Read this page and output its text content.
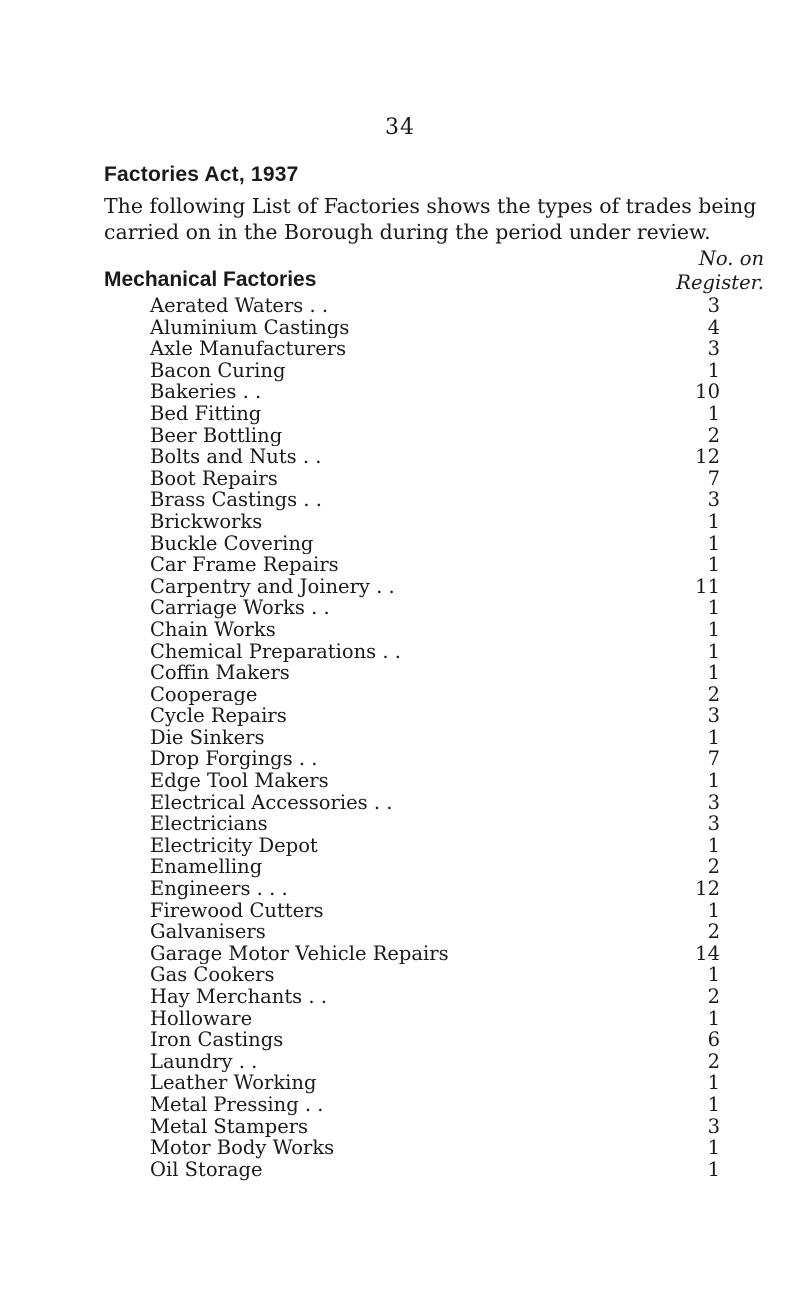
34
Factories Act, 1937
The following List of Factories shows the types of trades being
carried on in the Borough during the period under review.
No. on
Register.
Mechanical Factories
Aerated Waters . .	3
Aluminium Castings	4
Axle Manufacturers	3
Bacon Curing	1
Bakeries . .	10
Bed Fitting	1
Beer Bottling	2
Bolts and Nuts . .	12
Boot Repairs	7
Brass Castings . .	3
Brickworks	1
Buckle Covering	1
Car Frame Repairs	1
Carpentry and Joinery . .	11
Carriage Works . .	1
Chain Works	1
Chemical Preparations . .	1
Coffin Makers	1
Cooperage	2
Cycle Repairs	3
Die Sinkers	1
Drop Forgings . .	7
Edge Tool Makers	1
Electrical Accessories . .	3
Electricians	3
Electricity Depot	1
Enamelling	2
Engineers . . .	12
Firewood Cutters	1
Galvanisers	2
Garage Motor Vehicle Repairs	14
Gas Cookers	1
Hay Merchants . .	2
Holloware	1
Iron Castings	6
Laundry . .	2
Leather Working	1
Metal Pressing . .	1
Metal Stampers	3
Motor Body Works	1
Oil Storage	1
